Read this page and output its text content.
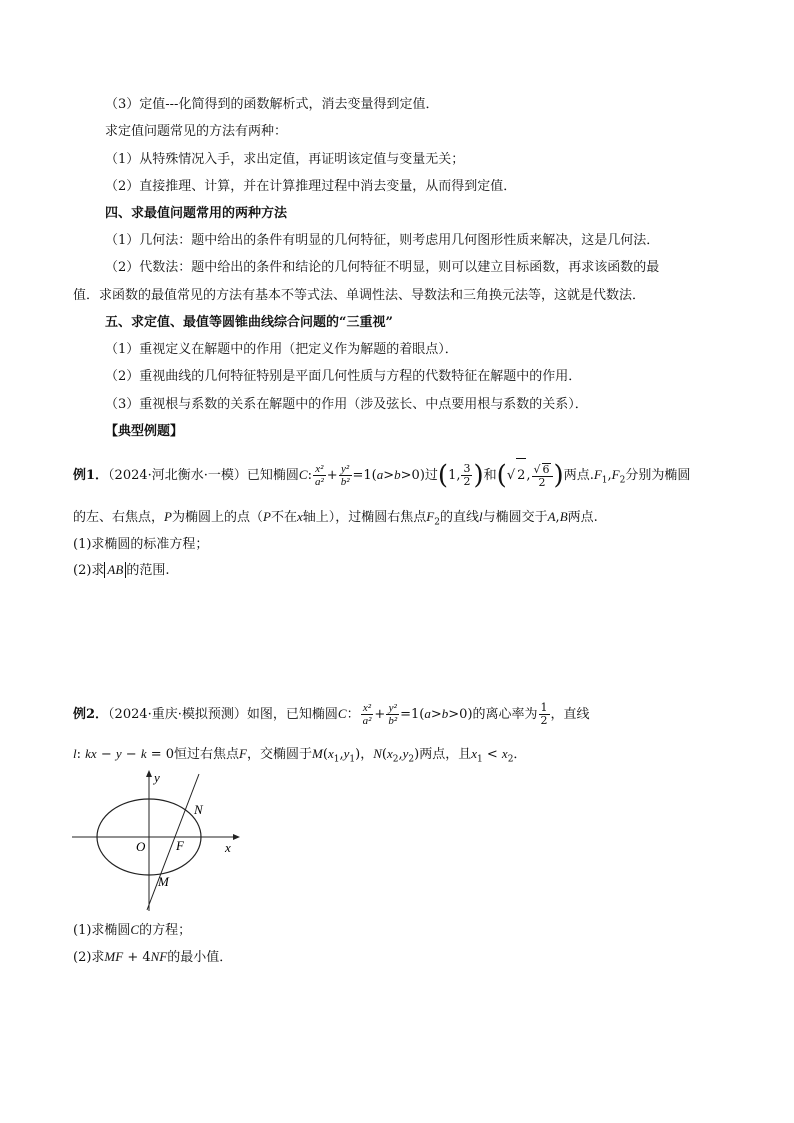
（3）定值---化简得到的函数解析式，消去变量得到定值．
求定值问题常见的方法有两种：
（1）从特殊情况入手，求出定值，再证明该定值与变量无关；
（2）直接推理、计算，并在计算推理过程中消去变量，从而得到定值．
四、求最值问题常用的两种方法
（1）几何法：题中给出的条件有明显的几何特征，则考虑用几何图形性质来解决，这是几何法．
（2）代数法：题中给出的条件和结论的几何特征不明显，则可以建立目标函数，再求该函数的最
值．求函数的最值常见的方法有基本不等式法、单调性法、导数法和三角换元法等，这就是代数法．
五、求定值、最值等圆锥曲线综合问题的“三重视”
（1）重视定义在解题中的作用（把定义作为解题的着眼点）．
（2）重视曲线的几何特征特别是平面几何性质与方程的代数特征在解题中的作用．
（3）重视根与系数的关系在解题中的作用（涉及弦长、中点要用根与系数的关系）．
【典型例题】
例1．（2024·河北衡水·一模）已知椭圆C: $\frac{\text{x²}}{\text{a²}} + \frac{\text{y²}}{\text{b²}} =1(a>b>0)$过(1, $\frac{3}{2}$ )和(√ 2, $\frac{√ 6}{2}$ )两点$.F_1,F_2$分别为椭圆
的左、右焦点，P为椭圆上的点（P不在x轴上），过椭圆右焦点$F_2$的直线l与椭圆交于A,B两点.
(1)求椭圆的标准方程；
(2)求 AB 的范围.
例2．（2024·重庆·模拟预测）如图，已知椭圆C： $\frac{\text{x²}}{\text{a²}} + \frac{\text{y²}}{\text{b²}} =1(a>b>0)$的离心率为 $\frac{1}{2}$ ，直线
l: kx − y − k = 0恒过右焦点F，交椭圆于$M(x_1,y_1)$，$N(x_2,y_2)$两点，且$x_1 < x_2$．
y
x
O F
N
M
(1)求椭圆C的方程；
(2)求MF + 4NF的最小值．
